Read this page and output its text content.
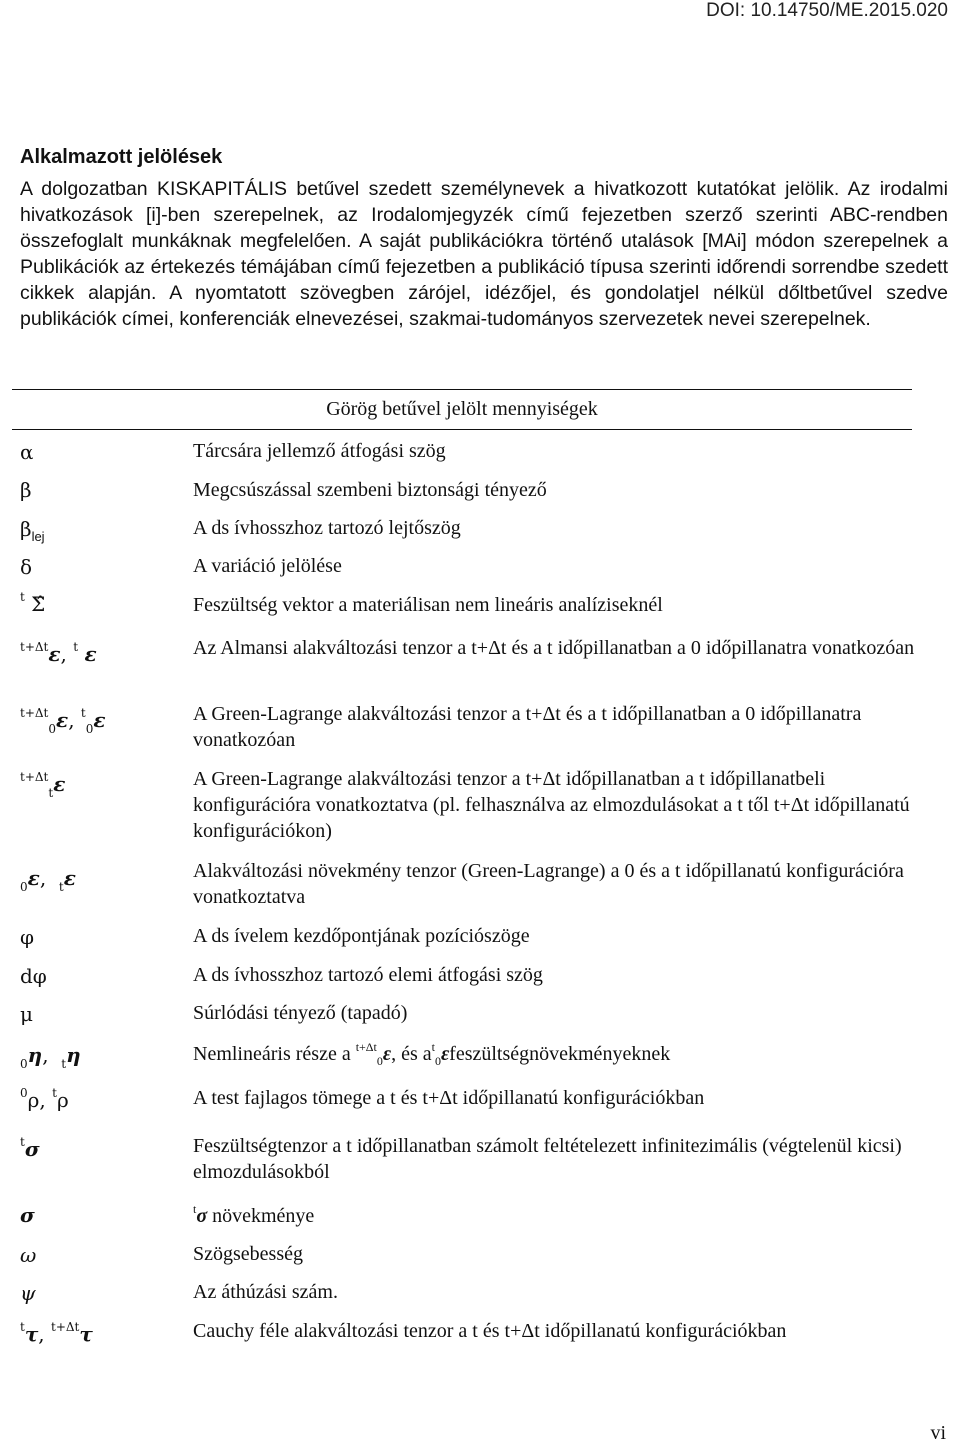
DOI: 10.14750/ME.2015.020
Alkalmazott jelölések

A dolgozatban KISKAPITÁLIS betűvel szedett személynevek a hivatkozott kutatókat jelölik. Az irodalmi hivatkozások [i]-ben szerepelnek, az Irodalomjegyzék című fejezetben szerző szerinti ABC-rendben összefoglalt munkáknak megfelelően. A saját publikációkra történő utalások [MAi] módon szerepelnek a Publikációk az értekezés témájában című fejezetben a publikáció típusa szerinti időrendi sorrendbe szedett cikkek alapján. A nyomtatott szövegben zárójel, idézőjel, és gondolatjel nélkül dőltbetűvel szedve publikációk címei, konferenciák elnevezései, szakmai-tudományos szervezetek nevei szerepelnek.

Görög betűvel jelölt mennyiségek
α
β
$\beta_{lej}$
δ
$^t$ Σ̂
$^{t+\Delta t}$ε, $^t$ ε
$^{t+\Delta t}_0$ε, $^t_0$ε
$^{t+\Delta t}_t$ε
$_0$ε,  $_t$ε
φ
dφ
μ
$_0$η,  $_t$η
$^0$ρ, $^t$ρ
$^t$σ
σ
ω
ψ
$^t$τ, $^{t+\Delta t}$τ
Tárcsára jellemző átfogási szög
Megcsúszással szembeni biztonsági tényező
A ds ívhosszhoz tartozó lejtőszög
A variáció jelölése
Feszültség vektor a materiálisan nem lineáris analíziseknél
Az Almansi alakváltozási tenzor a t+Δt és a t időpillanatban a 0 időpillanatra vonatkozóan
A Green-Lagrange alakváltozási tenzor a t+Δt és a t időpillanatban a 0 időpillanatra vonatkozóan
A Green-Lagrange alakváltozási tenzor a t+Δt időpillanatban a t időpillanatbeli konfigurációra vonatkoztatva (pl. felhasználva az elmozdulásokat a t től t+Δt időpillanatú konfigurációkon)
Alakváltozási növekmény tenzor (Green-Lagrange) a 0 és a t időpillanatú konfigurációra vonatkoztatva
A ds ívelem kezdőpontjának pozíciószöge
A ds ívhosszhoz tartozó elemi átfogási szög
Súrlódási tényező (tapadó)
Nemlineáris része a $^{t+\Delta t}_0$ε, és $a^t_0\varepsilon feszültségnövekményeknek$
A test fajlagos tömege a t és t+Δt időpillanatú konfigurációkban
Feszültségtenzor a t időpillanatban számolt feltételezett infinitezimális (végtelenül kicsi) elmozdulásokból
$^t$σ növekménye
Szögsebesség
Az áthúzási szám.
Cauchy féle alakváltozási tenzor a t és t+Δt időpillanatú konfigurációkban
vi
